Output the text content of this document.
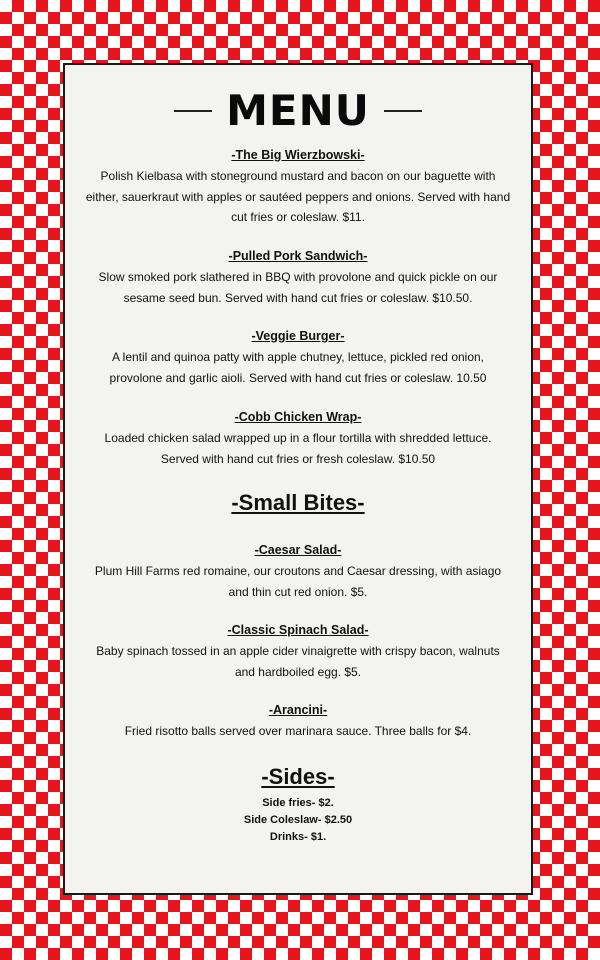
MENU
-The Big Wierzbowski-
Polish Kielbasa with stoneground mustard and bacon on our baguette with either, sauerkraut with apples or sautéed peppers and onions. Served with hand cut fries or coleslaw. $11.
-Pulled Pork Sandwich-
Slow smoked pork slathered in BBQ with provolone and quick pickle on our sesame seed bun. Served with hand cut fries or coleslaw. $10.50.
-Veggie Burger-
A lentil and quinoa patty with apple chutney, lettuce, pickled red onion, provolone and garlic aioli. Served with hand cut fries or coleslaw. 10.50
-Cobb Chicken Wrap-
Loaded chicken salad wrapped up in a flour tortilla with shredded lettuce. Served with hand cut fries or fresh coleslaw. $10.50
-Small Bites-
-Caesar Salad-
Plum Hill Farms red romaine, our croutons and Caesar dressing, with asiago and thin cut red onion. $5.
-Classic Spinach Salad-
Baby spinach tossed in an apple cider vinaigrette with crispy bacon, walnuts and hardboiled egg. $5.
-Arancini-
Fried risotto balls served over marinara sauce. Three balls for $4.
-Sides-
Side fries- $2.
Side Coleslaw- $2.50
Drinks- $1.
